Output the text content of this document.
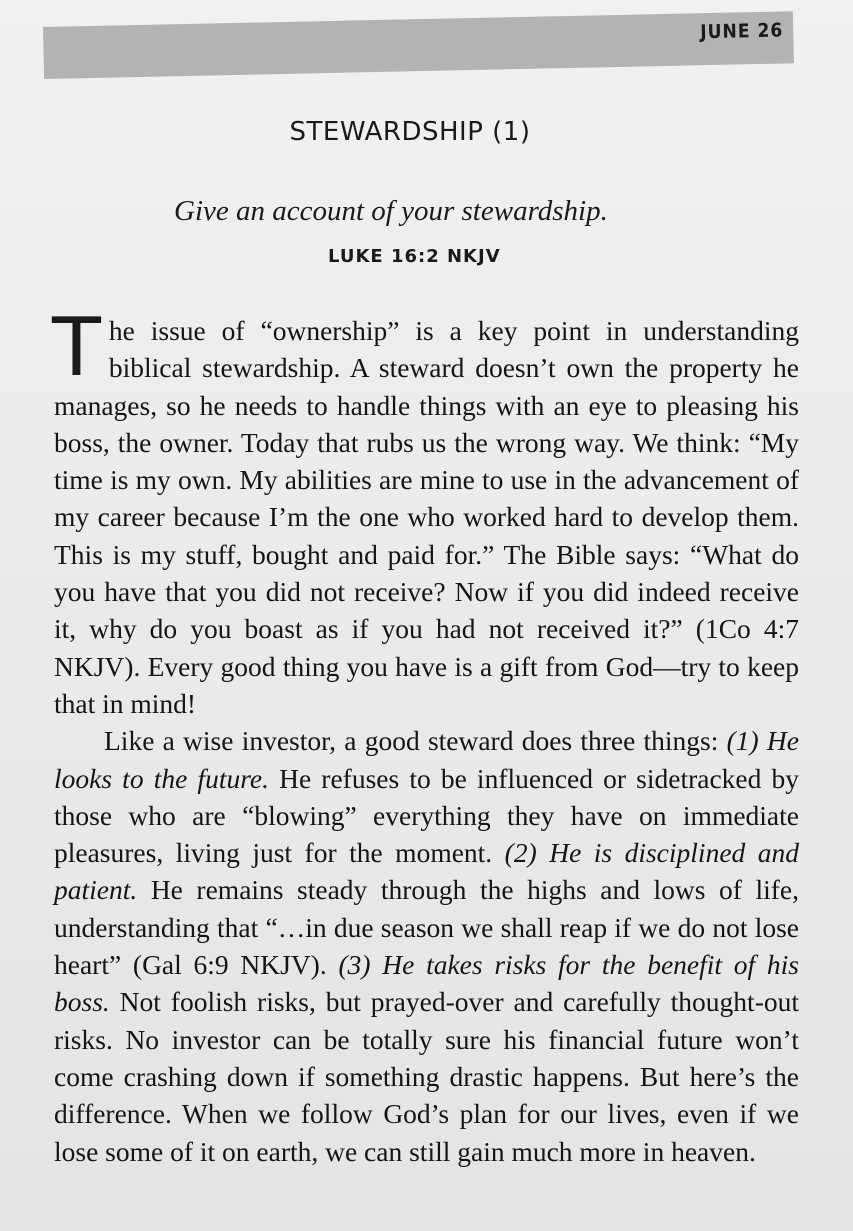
JUNE 26
STEWARDSHIP (1)
Give an account of your stewardship.
LUKE 16:2 NKJV

The issue of “ownership” is a key point in understanding biblical stewardship. A steward doesn’t own the property he manages, so he needs to handle things with an eye to pleasing his boss, the owner. Today that rubs us the wrong way. We think: “My time is my own. My abilities are mine to use in the advancement of my career because I’m the one who worked hard to develop them. This is my stuff, bought and paid for.” The Bible says: “What do you have that you did not receive? Now if you did indeed receive it, why do you boast as if you had not received it?” (1Co 4:7 NKJV). Every good thing you have is a gift from God—try to keep that in mind!

Like a wise investor, a good steward does three things: (1) He looks to the future. He refuses to be influenced or sidetracked by those who are “blowing” everything they have on immediate pleasures, living just for the moment. (2) He is disciplined and patient. He remains steady through the highs and lows of life, understanding that “…in due season we shall reap if we do not lose heart” (Gal 6:9 NKJV). (3) He takes risks for the benefit of his boss. Not foolish risks, but prayed-over and carefully thought-out risks. No investor can be totally sure his financial future won’t come crashing down if something drastic happens. But here’s the difference. When we follow God’s plan for our lives, even if we lose some of it on earth, we can still gain much more in heaven.
